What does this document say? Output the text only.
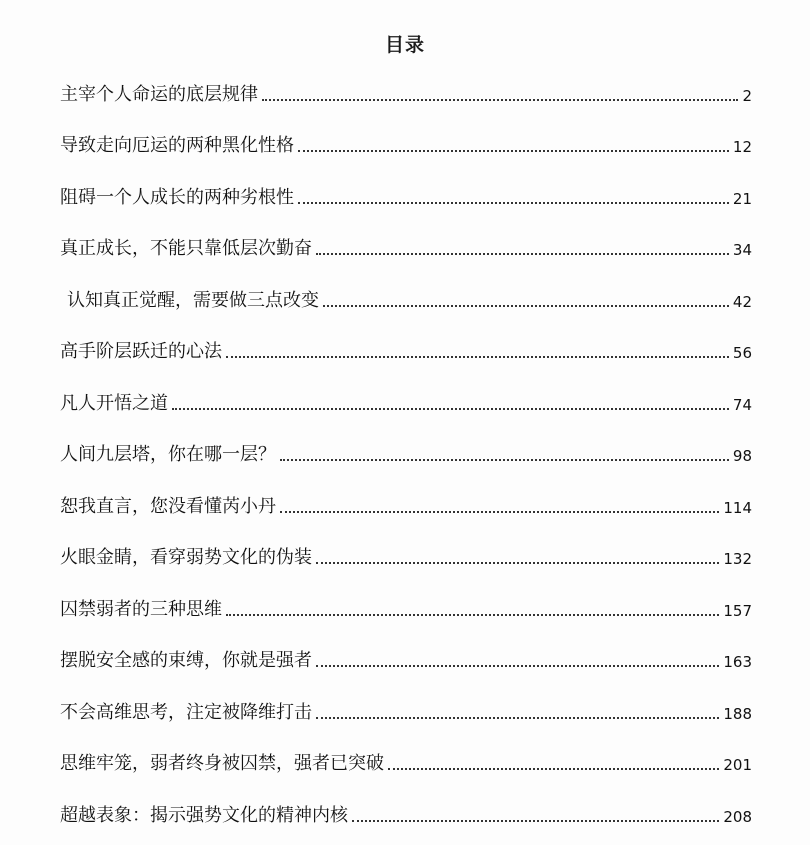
目录
主宰个人命运的底层规律	2
导致走向厄运的两种黑化性格	12
阻碍一个人成长的两种劣根性	21
真正成长，不能只靠低层次勤奋	34
认知真正觉醒，需要做三点改变	42
高手阶层跃迁的心法	56
凡人开悟之道	74
人间九层塔，你在哪一层？	98
恕我直言，您没看懂芮小丹	114
火眼金睛，看穿弱势文化的伪装	132
囚禁弱者的三种思维	157
摆脱安全感的束缚，你就是强者	163
不会高维思考，注定被降维打击	188
思维牢笼，弱者终身被囚禁，强者已突破	201
超越表象：揭示强势文化的精神内核	208
